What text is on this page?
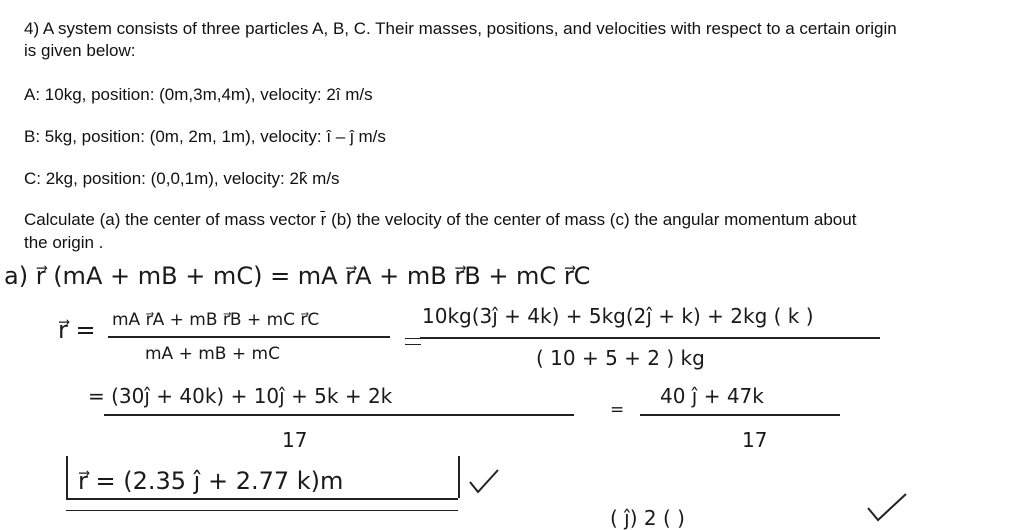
4) A system consists of three particles A, B, C. Their masses, positions, and velocities with respect to a certain origin
is given below:
A: 10kg, position: (0m,3m,4m), velocity: 2î m/s
B: 5kg, position: (0m, 2m, 1m), velocity: î – ĵ m/s
C: 2kg, position: (0,0,1m), velocity: 2k̂ m/s
Calculate (a) the center of mass vector r̄ (b) the velocity of the center of mass (c) the angular momentum about
the origin .
a) r⃗ (mA + mB + mC) = mA r⃗A + mB r⃗B + mC r⃗C
r⃗ = mA r⃗A + mB r⃗B + mC r⃗C
mA + mB + mC
10kg(3ĵ + 4k) + 5kg(2ĵ + k) + 2kg ( k )
( 10 + 5 + 2 ) kg
= (30ĵ + 40k) + 10ĵ + 5k + 2k
17
=
40 ĵ + 47k
17
r⃗ = (2.35 ĵ + 2.77 k)m
( ĵ) 2 ( )
